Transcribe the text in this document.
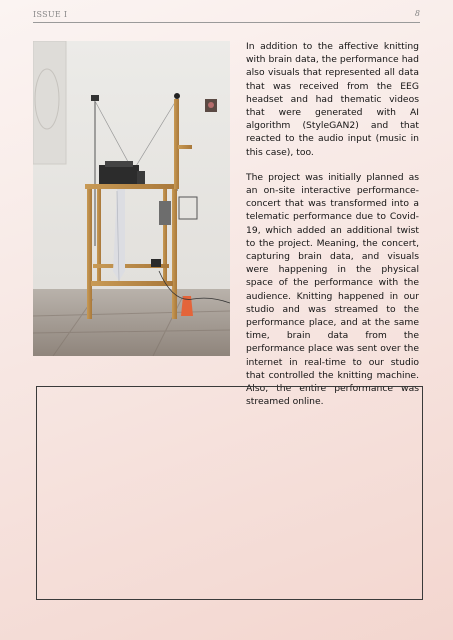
ISSUE I	8

In addition to the affective knitting with brain data, the performance had also visuals that represented all data that was received from the EEG headset and had thematic videos that were generated with AI algorithm (StyleGAN2) and that reacted to the audio input (music in this case), too.

The project was initially planned as an on-site interactive performance-concert that was transformed into a telematic performance due to Covid-19, which added an additional twist to the project. Meaning, the concert, capturing brain data, and visuals were happening in the physical space of the performance with the audience. Knitting happened in our studio and was streamed to the performance place, and at the same time, brain data from the performance place was sent over the internet in real-time to our studio that controlled the knitting machine. Also, the entire performance was streamed online.
